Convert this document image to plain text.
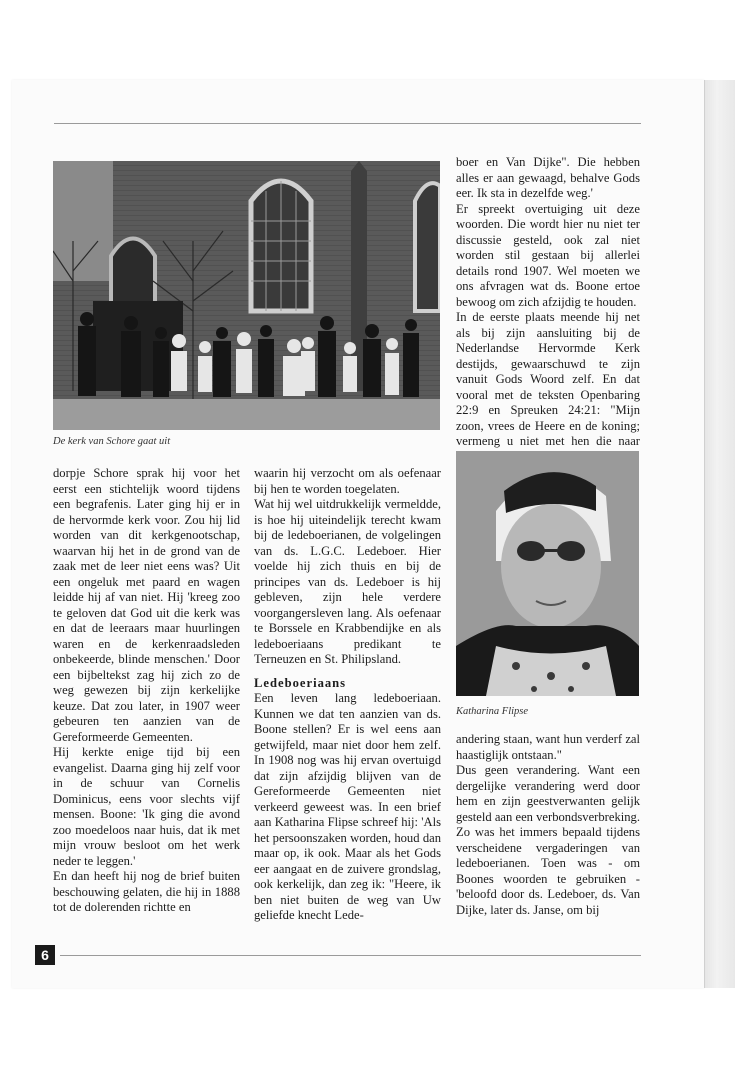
De kerk van Schore gaat uit

boer en Van Dijke". Die hebben alles er aan gewaagd, behalve Gods eer. Ik sta in dezelfde weg.'

Er spreekt overtuiging uit deze woorden. Die wordt hier nu niet ter discussie gesteld, ook zal niet worden stil gestaan bij allerlei details rond 1907. Wel moeten we ons afvragen wat ds. Boone ertoe bewoog om zich afzijdig te houden.

In de eerste plaats meende hij net als bij zijn aansluiting bij de Nederlandse Hervormde Kerk destijds, gewaarschuwd te zijn vanuit Gods Woord zelf. En dat vooral met de teksten Openbaring 22:9 en Spreuken 24:21: "Mijn zoon, vrees de Heere en de koning; vermeng u niet met hen die naar

Katharina Flipse

dorpje Schore sprak hij voor het eerst een stichtelijk woord tijdens een begrafenis. Later ging hij er in de hervormde kerk voor. Zou hij lid worden van dit kerkgenootschap, waarvan hij het in de grond van de zaak met de leer niet eens was? Uit een ongeluk met paard en wagen leidde hij af van niet. Hij 'kreeg zoo te geloven dat God uit die kerk was en dat de leeraars maar huurlingen waren en de kerkenraadsleden onbekeerde, blinde menschen.' Door een bijbeltekst zag hij zich zo de weg gewezen bij zijn kerkelijke keuze. Dat zou later, in 1907 weer gebeuren ten aanzien van de Gereformeerde Gemeenten.

Hij kerkte enige tijd bij een evangelist. Daarna ging hij zelf voor in de schuur van Cornelis Dominicus, eens voor slechts vijf mensen. Boone: 'Ik ging die avond zoo moedeloos naar huis, dat ik met mijn vrouw besloot om het werk neder te leggen.'

En dan heeft hij nog de brief buiten beschouwing gelaten, die hij in 1888 tot de dolerenden richtte en

waarin hij verzocht om als oefenaar bij hen te worden toegelaten.

Wat hij wel uitdrukkelijk vermeldde, is hoe hij uiteindelijk terecht kwam bij de ledeboerianen, de volgelingen van ds. L.G.C. Ledeboer. Hier voelde hij zich thuis en bij de principes van ds. Ledeboer is hij gebleven, zijn hele verdere voorgangersleven lang. Als oefenaar te Borssele en Krabbendijke en als ledeboeriaans predikant te Terneuzen en St. Philipsland.

Ledeboeriaans

Een leven lang ledeboeriaan. Kunnen we dat ten aanzien van ds. Boone stellen? Er is wel eens aan getwijfeld, maar niet door hem zelf. In 1908 nog was hij ervan overtuigd dat zijn afzijdig blijven van de Gereformeerde Gemeenten niet verkeerd geweest was. In een brief aan Katharina Flipse schreef hij: 'Als het persoonszaken worden, houd dan maar op, ik ook. Maar als het Gods eer aangaat en de zuivere grondslag, ook kerkelijk, dan zeg ik: "Heere, ik ben niet buiten de weg van Uw geliefde knecht Lede-

andering staan, want hun verderf zal haastiglijk ontstaan."

Dus geen verandering. Want een dergelijke verandering werd door hem en zijn geestverwanten gelijk gesteld aan een verbondsverbreking. Zo was het immers bepaald tijdens verscheidene vergaderingen van ledeboerianen. Toen was - om Boones woorden te gebruiken - 'beloofd door ds. Ledeboer, ds. Van Dijke, later ds. Janse, om bij

6
